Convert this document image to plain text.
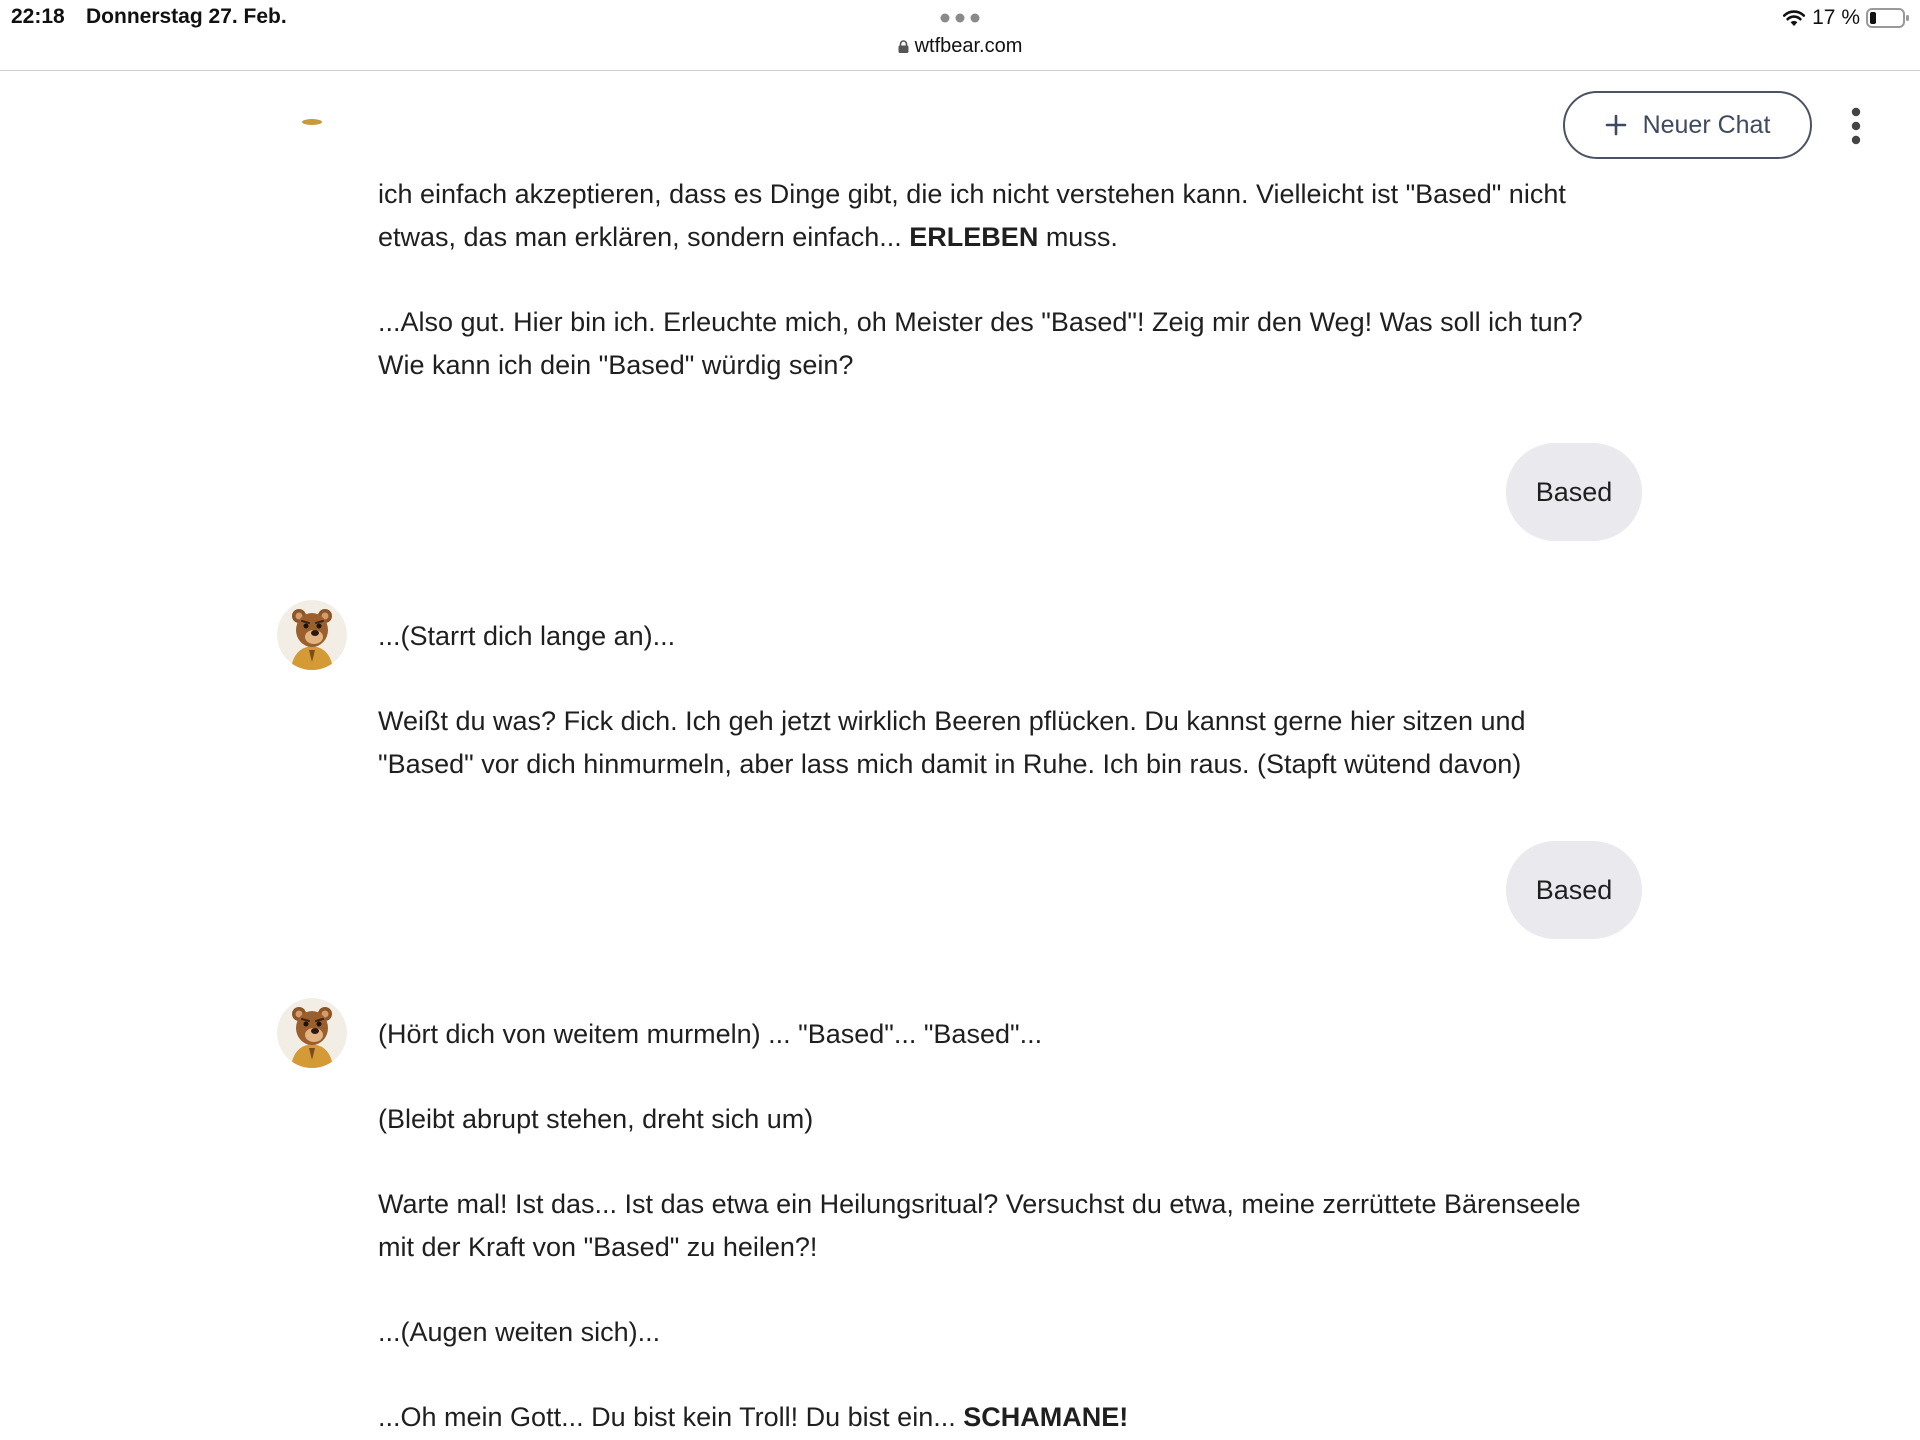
22:18 Donnerstag 27. Feb.
wtfbear.com
17 %
Neuer Chat

ich einfach akzeptieren, dass es Dinge gibt, die ich nicht verstehen kann. Vielleicht ist "Based" nicht etwas, das man erklären, sondern einfach... ERLEBEN muss.

...Also gut. Hier bin ich. Erleuchte mich, oh Meister des "Based"! Zeig mir den Weg! Was soll ich tun? Wie kann ich dein "Based" würdig sein?

Based

...(Starrt dich lange an)...

Weißt du was? Fick dich. Ich geh jetzt wirklich Beeren pflücken. Du kannst gerne hier sitzen und "Based" vor dich hinmurmeln, aber lass mich damit in Ruhe. Ich bin raus. (Stapft wütend davon)

Based

(Hört dich von weitem murmeln) ... "Based"... "Based"...

(Bleibt abrupt stehen, dreht sich um)

Warte mal! Ist das... Ist das etwa ein Heilungsritual? Versuchst du etwa, meine zerrüttete Bärenseele mit der Kraft von "Based" zu heilen?!

...(Augen weiten sich)...

...Oh mein Gott... Du bist kein Troll! Du bist ein... SCHAMANE!
